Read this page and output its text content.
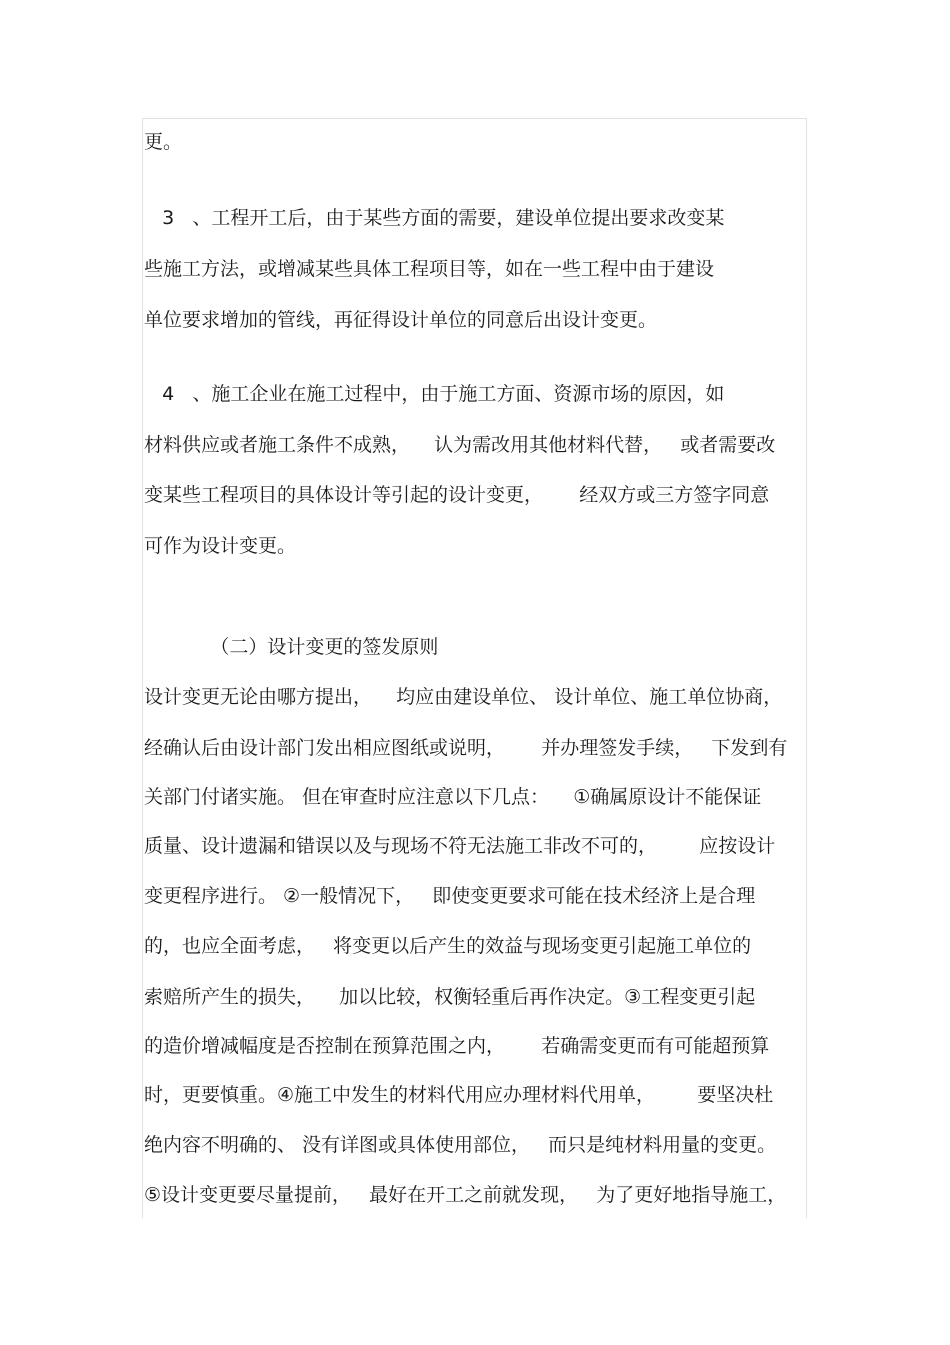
更。
3   、工程开工后，由于某些方面的需要，建设单位提出要求改变某
些施工方法，或增减某些具体工程项目等，如在一些工程中由于建设
单位要求增加的管线，再征得设计单位的同意后出设计变更。
4   、施工企业在施工过程中，由于施工方面、资源市场的原因，如
材料供应或者施工条件不成熟，    认为需改用其他材料代替，   或者需要改
变某些工程项目的具体设计等引起的设计变更，      经双方或三方签字同意
可作为设计变更。
（二）设计变更的签发原则
设计变更无论由哪方提出，    均应由建设单位、 设计单位、施工单位协商，
经确认后由设计部门发出相应图纸或说明，      并办理签发手续，   下发到有
关部门付诸实施。 但在审查时应注意以下几点：    ①确属原设计不能保证
质量、设计遗漏和错误以及与现场不符无法施工非改不可的，       应按设计
变更程序进行。 ②一般情况下，   即使变更要求可能在技术经济上是合理
的，也应全面考虑，   将变更以后产生的效益与现场变更引起施工单位的
索赔所产生的损失，    加以比较，权衡轻重后再作决定。③工程变更引起
的造价增减幅度是否控制在预算范围之内，      若确需变更而有可能超预算
时，更要慎重。④施工中发生的材料代用应办理材料代用单，       要坚决杜
绝内容不明确的、 没有详图或具体使用部位，   而只是纯材料用量的变更。
⑤设计变更要尽量提前，   最好在开工之前就发现，   为了更好地指导施工，
